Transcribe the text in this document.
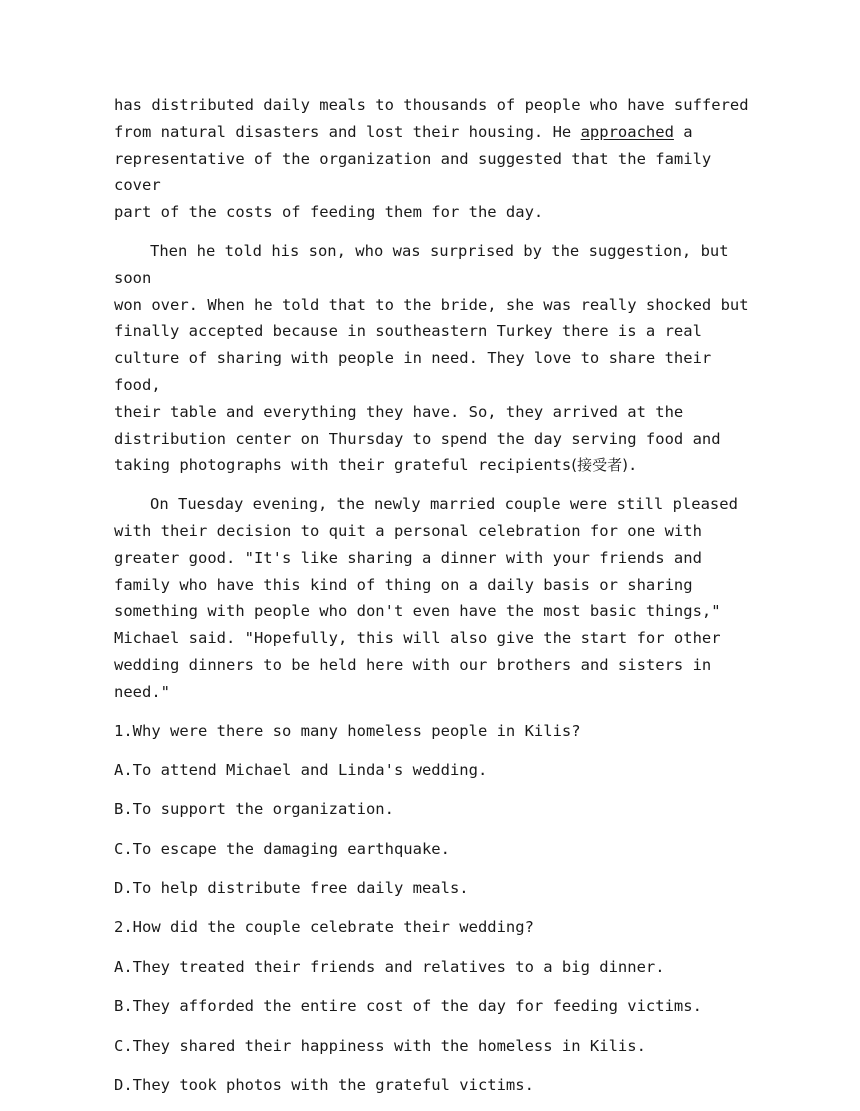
has distributed daily meals to thousands of people who have suffered
from natural disasters and lost their housing. He approached a
representative of the organization and suggested that the family cover
part of the costs of feeding them for the day.

Then he told his son, who was surprised by the suggestion, but soon
won over. When he told that to the bride, she was really shocked but
finally accepted because in southeastern Turkey there is a real
culture of sharing with people in need. They love to share their food,
their table and everything they have. So, they arrived at the
distribution center on Thursday to spend the day serving food and
taking photographs with their grateful recipients(接受者).

On Tuesday evening, the newly married couple were still pleased
with their decision to quit a personal celebration for one with
greater good. "It's like sharing a dinner with your friends and
family who have this kind of thing on a daily basis or sharing
something with people who don't even have the most basic things,"
Michael said. "Hopefully, this will also give the start for other
wedding dinners to be held here with our brothers and sisters in need."

1.Why were there so many homeless people in Kilis?

A.To attend Michael and Linda's wedding.

B.To support the organization.

C.To escape the damaging earthquake.

D.To help distribute free daily meals.

2.How did the couple celebrate their wedding?

A.They treated their friends and relatives to a big dinner.

B.They afforded the entire cost of the day for feeding victims.

C.They shared their happiness with the homeless in Kilis.

D.They took photos with the grateful victims.
